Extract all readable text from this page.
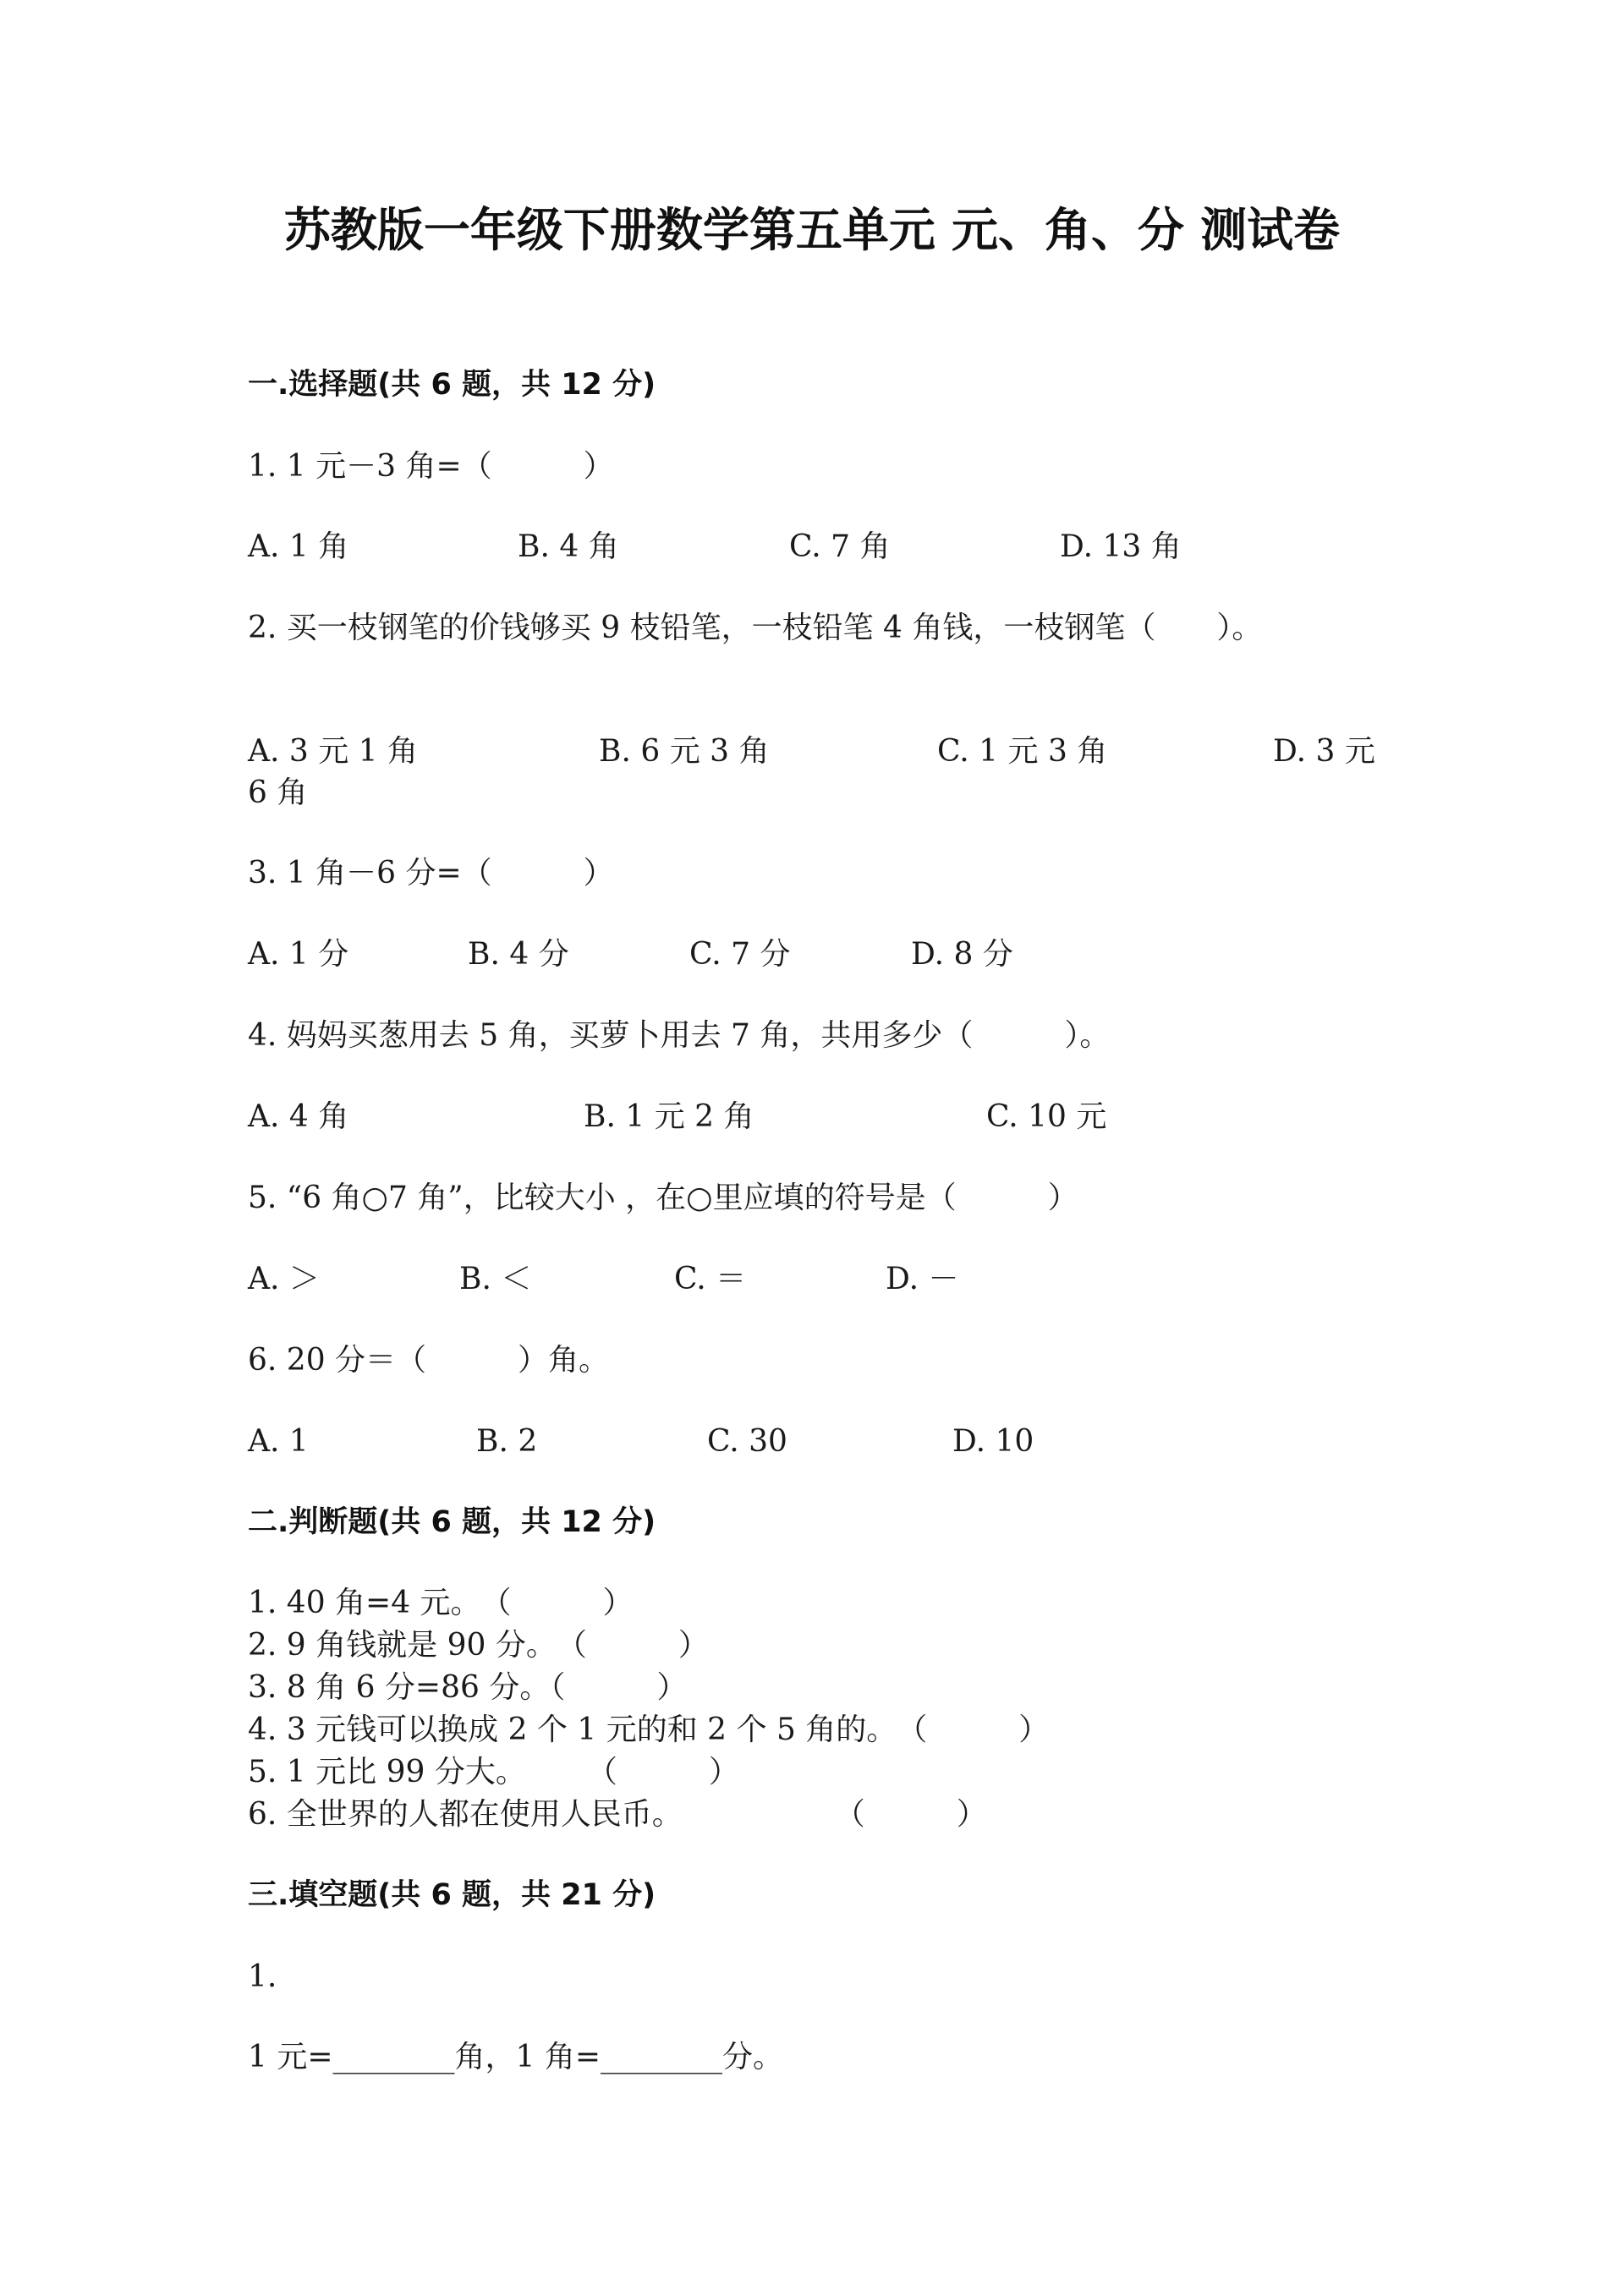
苏教版一年级下册数学第五单元 元、角、分 测试卷
一.选择题(共 6 题，共 12 分)
1. 1 元－3 角=（　　　）
A. 1 角	B. 4 角	C. 7 角	D. 13 角
2. 买一枝钢笔的价钱够买 9 枝铅笔，一枝铅笔 4 角钱，一枝钢笔（　　）。
A. 3 元 1 角	B. 6 元 3 角	C. 1 元 3 角	D. 3 元
6 角
3. 1 角－6 分=（　　　）
A. 1 分	B. 4 分	C. 7 分	D. 8 分
4. 妈妈买葱用去 5 角，买萝卜用去 7 角，共用多少（　　　）。
A. 4 角	B. 1 元 2 角	C. 10 元
5. “6 角○7 角”，比较大小 ，在○里应填的符号是（　　　）
A. ＞	B. ＜	C. ＝	D. －
6. 20 分＝（　　　）角。
A. 1	B. 2	C. 30	D. 10
二.判断题(共 6 题，共 12 分)
1. 40 角=4 元。　（　　　）
2. 9 角钱就是 90 分。　（　　　）
3. 8 角 6 分=86 分。（　　　）
4. 3 元钱可以换成 2 个 1 元的和 2 个 5 角的。　（　　　）
5. 1 元比 99 分大。　　　（　　　）
6. 全世界的人都在使用人民币。　　　　　　（　　　）
三.填空题(共 6 题，共 21 分)
1.
1 元=________角，1 角=________分。
